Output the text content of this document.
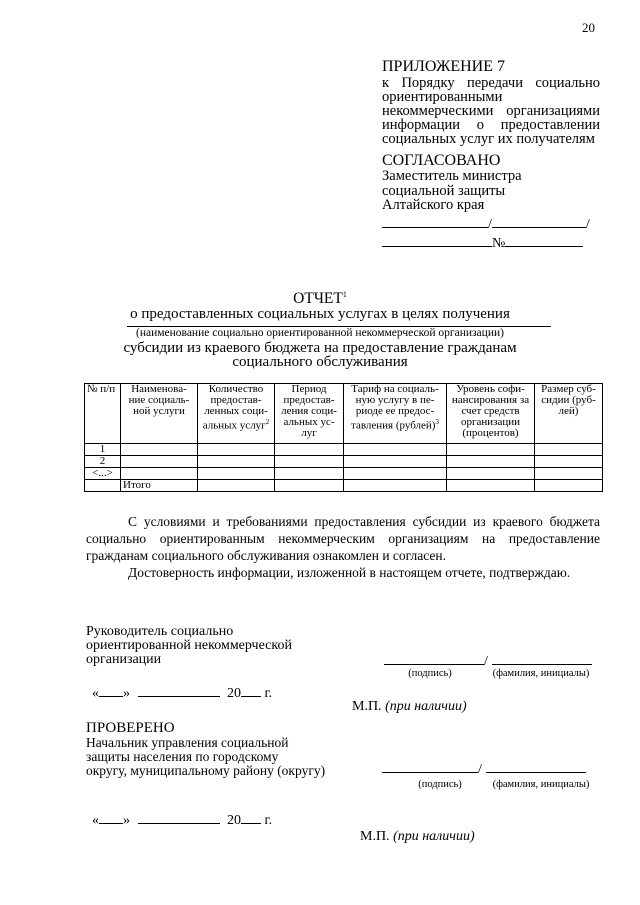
20
ПРИЛОЖЕНИЕ 7
к Порядку передачи социально ориентированными некоммерческими организациями информации о предоставлении социальных услуг их получателям
СОГЛАСОВАНО
Заместитель министра
социальной защиты
Алтайского края
/	/
№
ОТЧЕТ$^1$
о предоставленных социальных услугах в целях получения
(наименование социально ориентированной некоммерческой организации)
субсидии из краевого бюджета на предоставление гражданам
социального обслуживания
№ п/п	Наименова-ние социаль-ной услуги	Количество предостав-ленных соци-альных услуг$^2$	Период предостав-ления соци-альных ус-луг	Тариф на социаль-ную услугу в пе-риоде ее предос-тавления (рублей)$^3$	Уровень софи-нансирования за счет средств организации (процентов)	Размер суб-сидии (руб-лей)
1						
2						
<...>						
	Итого					
С условиями и требованиями предоставления субсидии из краевого бюджета социально ориентированным некоммерческим организациям на предоставление гражданам социального обслуживания ознакомлен и согласен.
Достоверность информации, изложенной в настоящем отчете, подтверждаю.
Руководитель социально
ориентированной некоммерческой
организации	/
(подпись)	(фамилия, инициалы)
« »	20 г.
М.П. (при наличии)
ПРОВЕРЕНО
Начальник управления социальной
защиты населения по городскому
округу, муниципальному району (округу)	/
(подпись)	(фамилия, инициалы)
« »	20 г.
М.П. (при наличии)
